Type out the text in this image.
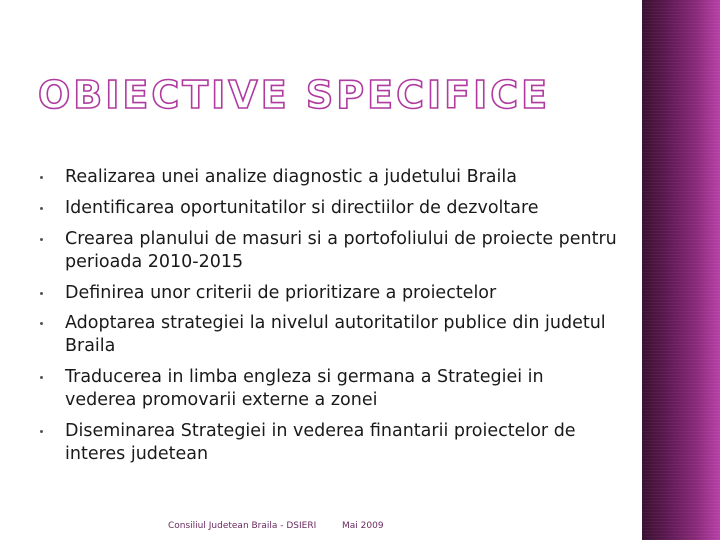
OBIECTIVE SPECIFICE
Realizarea unei analize diagnostic a judetului Braila
Identificarea oportunitatilor si directiilor de dezvoltare
Crearea planului de masuri si a portofoliului de proiecte pentru perioada 2010-2015
Definirea unor criterii de prioritizare a proiectelor
Adoptarea strategiei la nivelul autoritatilor publice din judetul Braila
Traducerea in limba engleza si germana a Strategiei in vederea promovarii externe a zonei
Diseminarea Strategiei in vederea finantarii proiectelor de interes judetean
Consiliul Judetean Braila - DSIERI	Mai 2009
